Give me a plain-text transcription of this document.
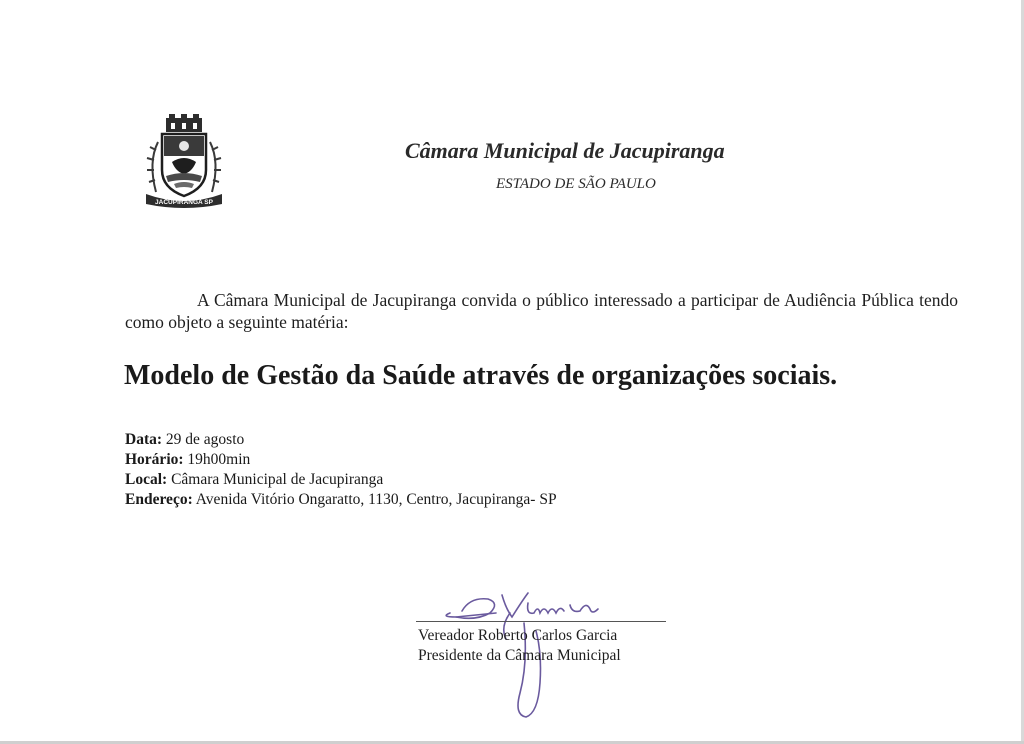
JACUPIRANGA SP
Câmara Municipal de Jacupiranga
ESTADO DE SÃO PAULO
A Câmara Municipal de Jacupiranga convida o público interessado a participar de Audiência Pública tendo como objeto a seguinte matéria:
Modelo de Gestão da Saúde através de organizações sociais.
Data: 29 de agosto
Horário: 19h00min
Local: Câmara Municipal de Jacupiranga
Endereço: Avenida Vitório Ongaratto, 1130, Centro, Jacupiranga- SP
Vereador Roberto Carlos Garcia
Presidente da Câmara Municipal
